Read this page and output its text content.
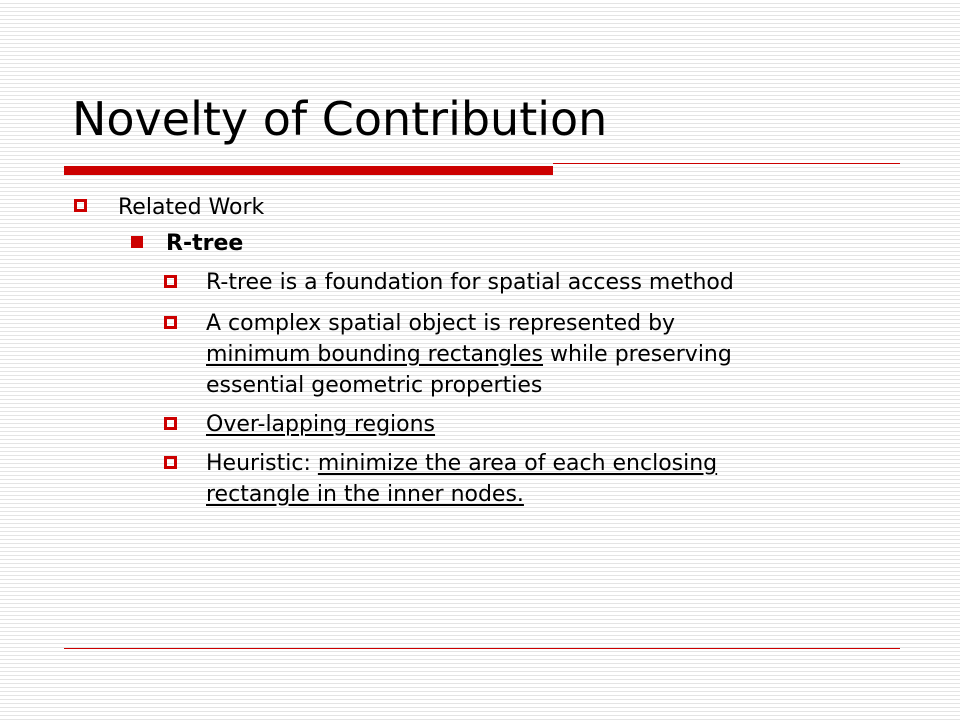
Novelty of Contribution
Related Work
R-tree
R-tree is a foundation for spatial access method
A complex spatial object is represented by
minimum bounding rectangles while preserving
essential geometric properties
Over-lapping regions
Heuristic: minimize the area of each enclosing
rectangle in the inner nodes.
